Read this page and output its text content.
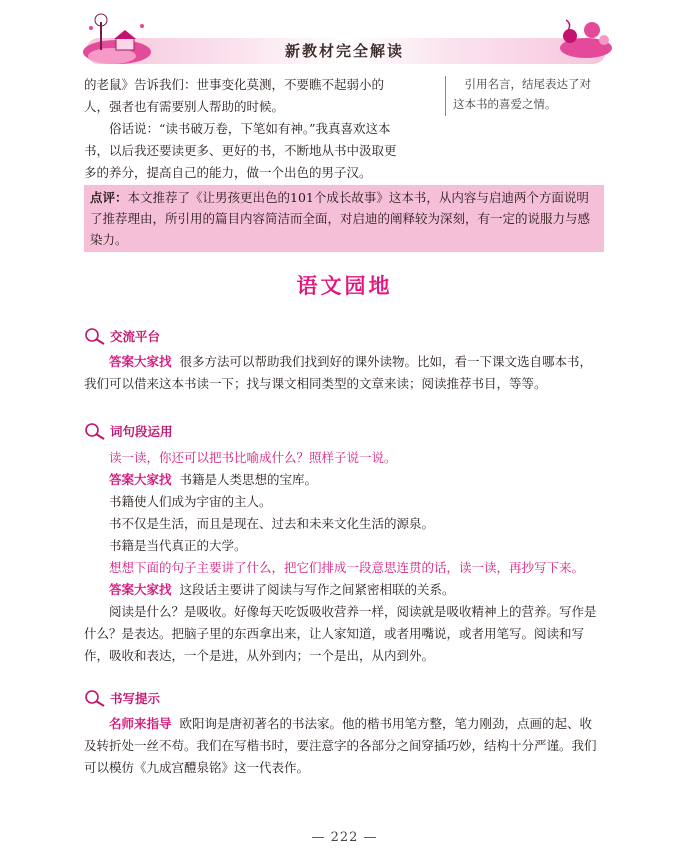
新教材完全解读

的老鼠》告诉我们：世事变化莫测，不要瞧不起弱小的

人，强者也有需要别人帮助的时候。

俗话说：“读书破万卷，下笔如有神。”我真喜欢这本

书，以后我还要读更多、更好的书，不断地从书中汲取更

多的养分，提高自己的能力，做一个出色的男子汉。

引用名言，结尾表达了对
这本书的喜爱之情。
点评：本文推荐了《让男孩更出色的101个成长故事》这本书，从内容与启迪两个方面说明了推荐理由，所引用的篇目内容简洁而全面，对启迪的阐释较为深刻，有一定的说服力与感染力。
语文园地
交流平台

答案大家找 很多方法可以帮助我们找到好的课外读物。比如，看一下课文选自哪本书，我们可以借来这本书读一下；找与课文相同类型的文章来读；阅读推荐书目，等等。

词句段运用

读一读，你还可以把书比喻成什么？照样子说一说。

答案大家找 书籍是人类思想的宝库。

书籍使人们成为宇宙的主人。

书不仅是生活，而且是现在、过去和未来文化生活的源泉。

书籍是当代真正的大学。

想想下面的句子主要讲了什么，把它们排成一段意思连贯的话，读一读，再抄写下来。

答案大家找 这段话主要讲了阅读与写作之间紧密相联的关系。

阅读是什么？是吸收。好像每天吃饭吸收营养一样，阅读就是吸收精神上的营养。写作是什么？是表达。把脑子里的东西拿出来，让人家知道，或者用嘴说，或者用笔写。阅读和写作，吸收和表达，一个是进，从外到内；一个是出，从内到外。

书写提示

名师来指导 欧阳询是唐初著名的书法家。他的楷书用笔方整，笔力刚劲，点画的起、收及转折处一丝不苟。我们在写楷书时，要注意字的各部分之间穿插巧妙，结构十分严谨。我们可以模仿《九成宫醴泉铭》这一代表作。

— 222 —
